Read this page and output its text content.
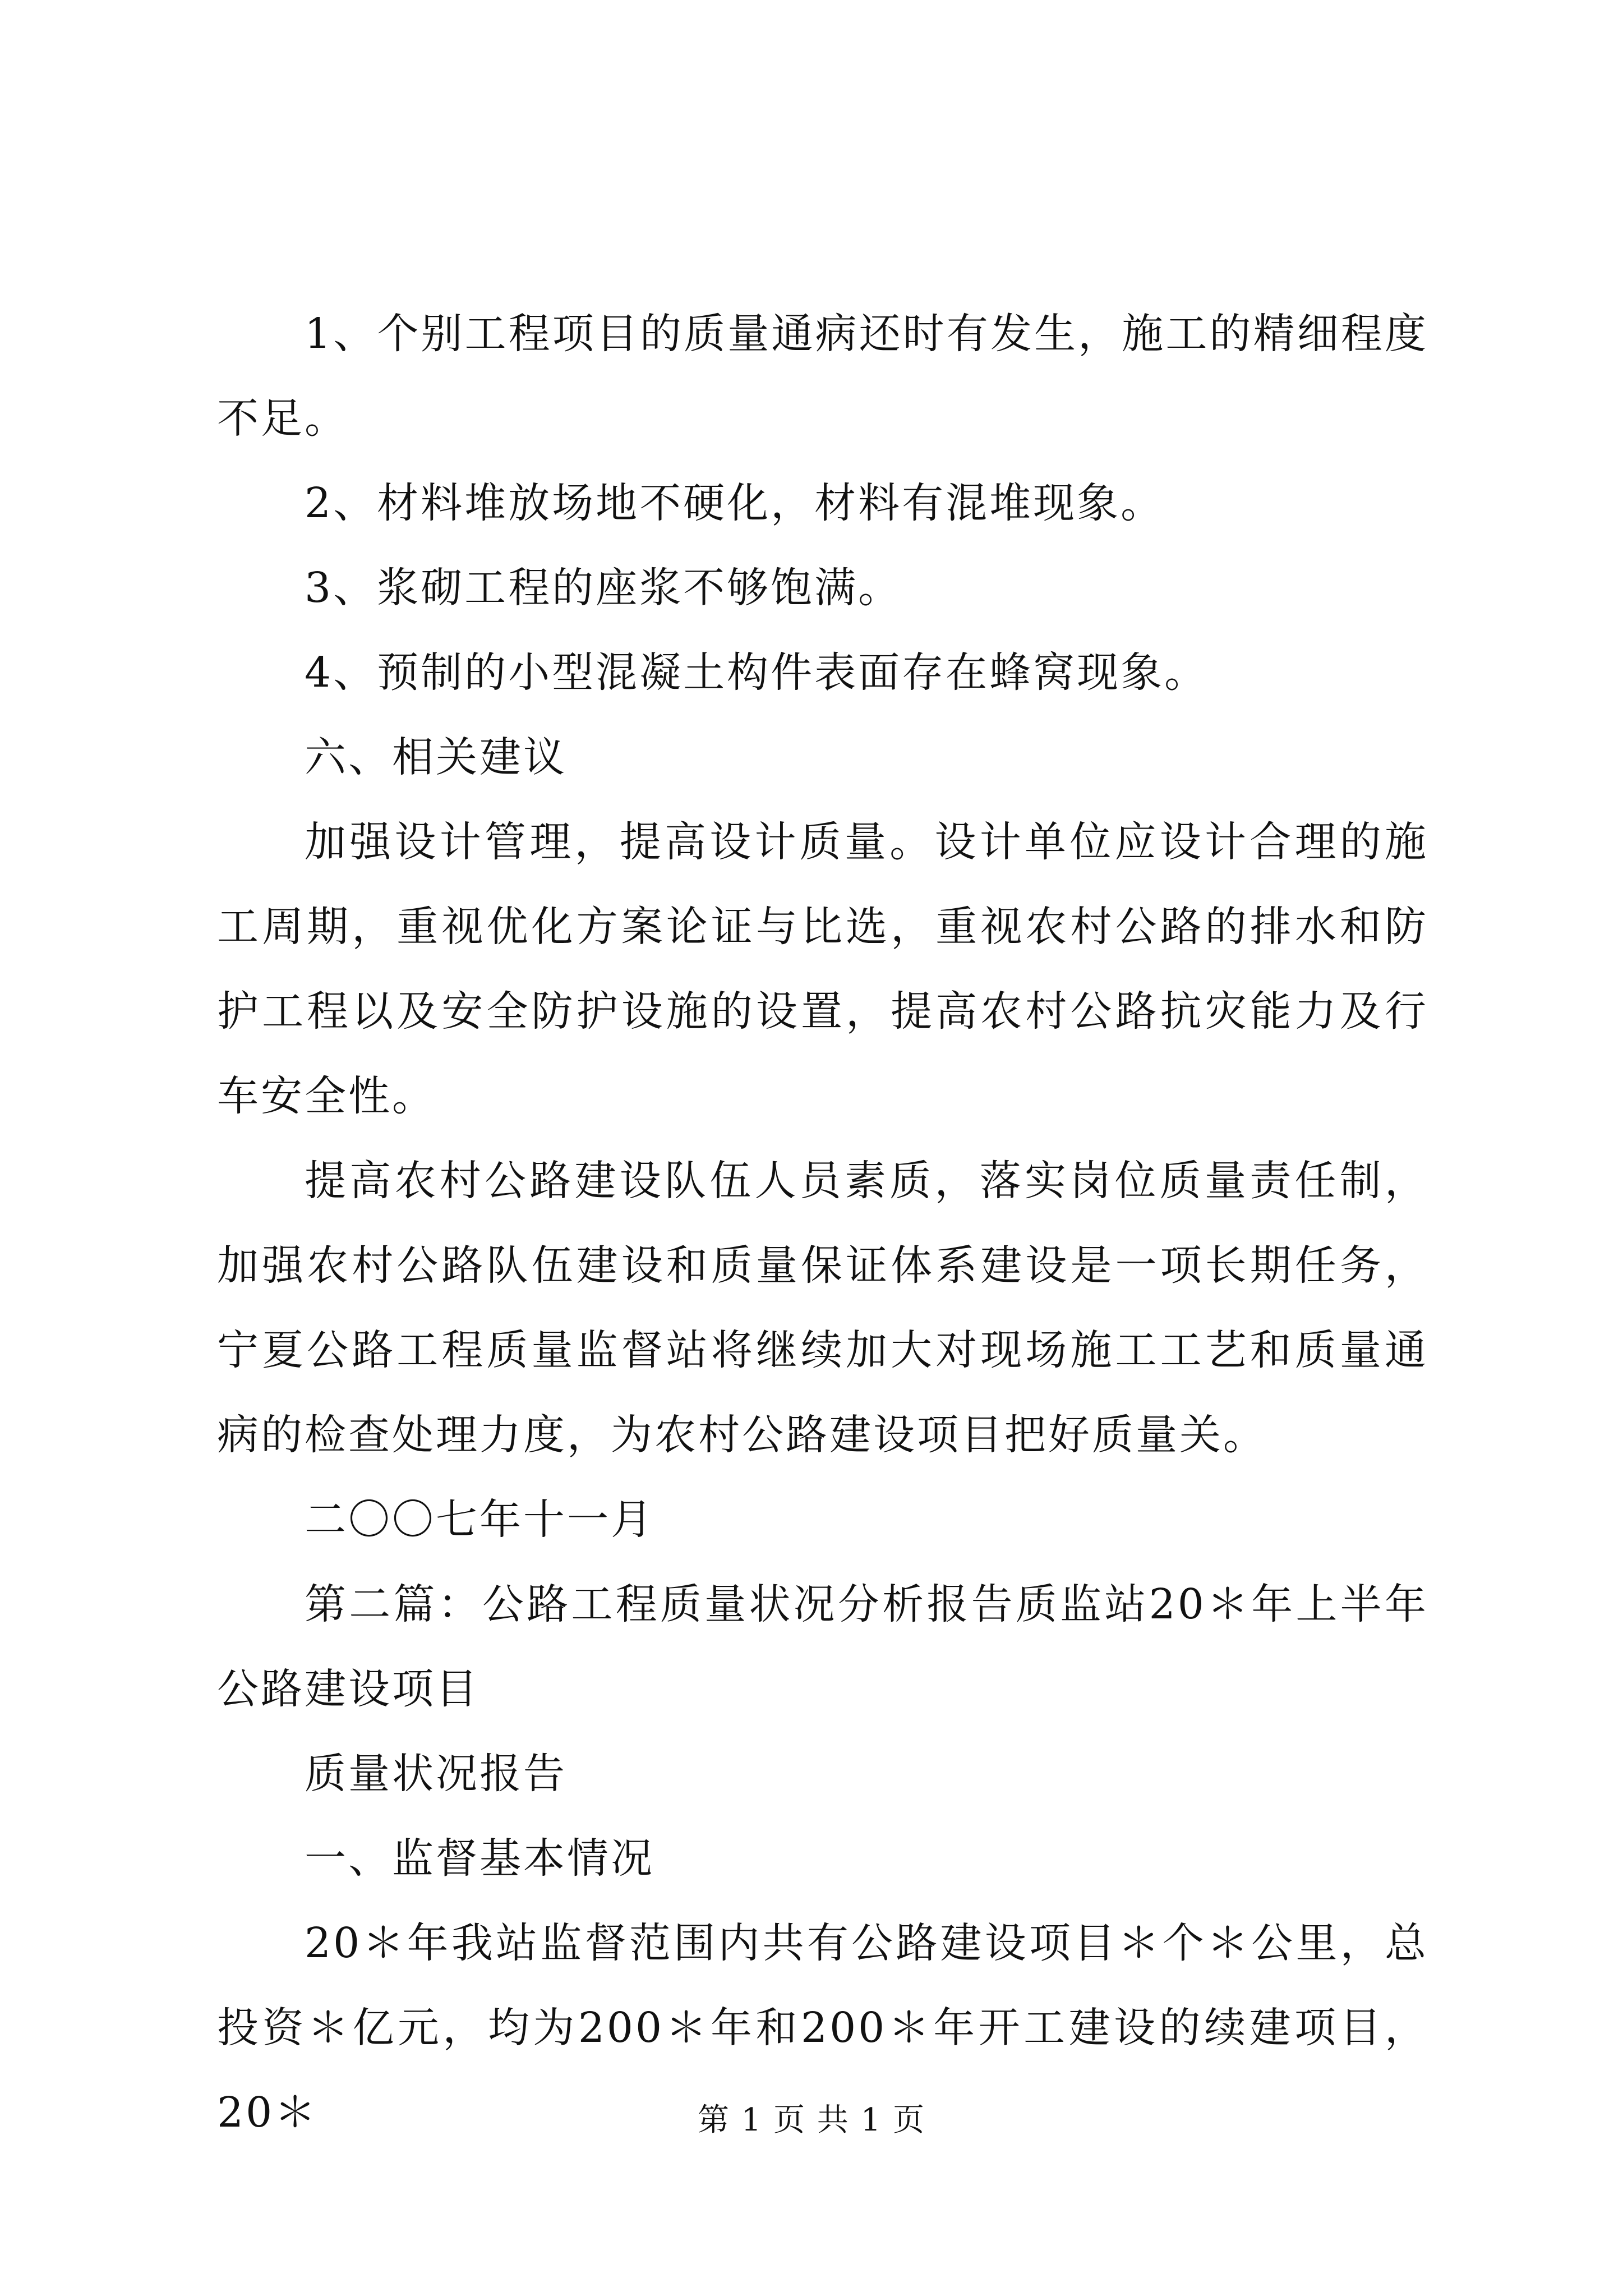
1、个别工程项目的质量通病还时有发生，施工的精细程度不足。

2、材料堆放场地不硬化，材料有混堆现象。

3、浆砌工程的座浆不够饱满。

4、预制的小型混凝土构件表面存在蜂窝现象。

六、相关建议

加强设计管理，提高设计质量。设计单位应设计合理的施工周期，重视优化方案论证与比选，重视农村公路的排水和防护工程以及安全防护设施的设置，提高农村公路抗灾能力及行车安全性。

提高农村公路建设队伍人员素质，落实岗位质量责任制，加强农村公路队伍建设和质量保证体系建设是一项长期任务，宁夏公路工程质量监督站将继续加大对现场施工工艺和质量通病的检查处理力度，为农村公路建设项目把好质量关。

二〇〇七年十一月

第二篇：公路工程质量状况分析报告质监站20＊年上半年公路建设项目

质量状况报告

一、监督基本情况

20＊年我站监督范围内共有公路建设项目＊个＊公里，总投资＊亿元，均为200＊年和200＊年开工建设的续建项目，20＊	第 1 页 共 1 页
